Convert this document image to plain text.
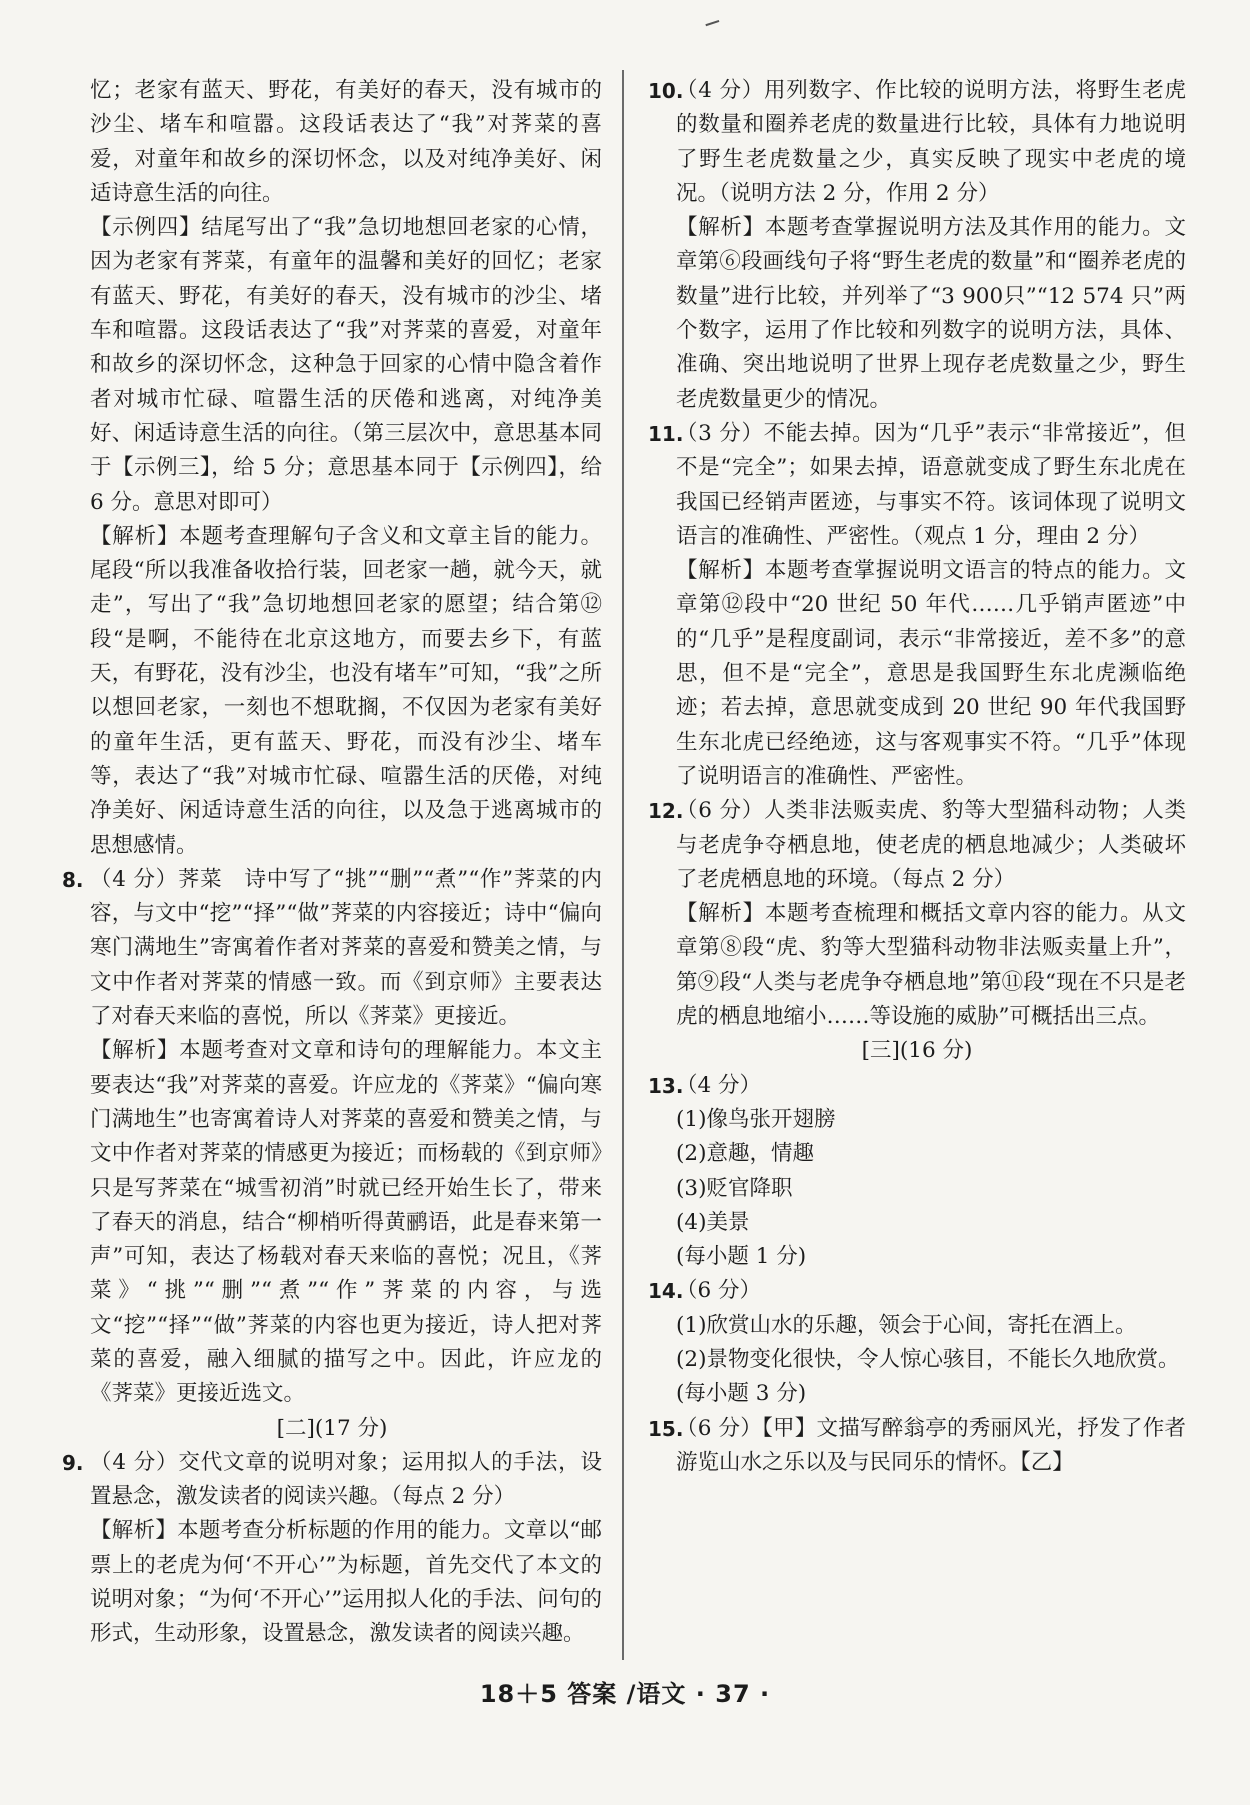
忆；老家有蓝天、野花，有美好的春天，没有城市的沙尘、堵车和喧嚣。这段话表达了“我”对荠菜的喜爱，对童年和故乡的深切怀念，以及对纯净美好、闲适诗意生活的向往。

【示例四】结尾写出了“我”急切地想回老家的心情，因为老家有荠菜，有童年的温馨和美好的回忆；老家有蓝天、野花，有美好的春天，没有城市的沙尘、堵车和喧嚣。这段话表达了“我”对荠菜的喜爱，对童年和故乡的深切怀念，这种急于回家的心情中隐含着作者对城市忙碌、喧嚣生活的厌倦和逃离，对纯净美好、闲适诗意生活的向往。（第三层次中，意思基本同于【示例三】，给 5 分；意思基本同于【示例四】，给 6 分。意思对即可）

【解析】本题考查理解句子含义和文章主旨的能力。尾段“所以我准备收拾行装，回老家一趟，就今天，就走”，写出了“我”急切地想回老家的愿望；结合第⑫段“是啊，不能待在北京这地方，而要去乡下，有蓝天，有野花，没有沙尘，也没有堵车”可知，“我”之所以想回老家，一刻也不想耽搁，不仅因为老家有美好的童年生活，更有蓝天、野花，而没有沙尘、堵车等，表达了“我”对城市忙碌、喧嚣生活的厌倦，对纯净美好、闲适诗意生活的向往，以及急于逃离城市的思想感情。

8. （4 分）荠菜　诗中写了“挑”“删”“煮”“作”荠菜的内容，与文中“挖”“择”“做”荠菜的内容接近；诗中“偏向寒门满地生”寄寓着作者对荠菜的喜爱和赞美之情，与文中作者对荠菜的情感一致。而《到京师》主要表达了对春天来临的喜悦，所以《荠菜》更接近。

【解析】本题考查对文章和诗句的理解能力。本文主要表达“我”对荠菜的喜爱。许应龙的《荠菜》“偏向寒门满地生”也寄寓着诗人对荠菜的喜爱和赞美之情，与文中作者对荠菜的情感更为接近；而杨载的《到京师》只是写荠菜在“城雪初消”时就已经开始生长了，带来了春天的消息，结合“柳梢听得黄鹂语，此是春来第一声”可知，表达了杨载对春天来临的喜悦；况且，《荠菜》“挑”“删”“煮”“作”荠菜的内容，与选文“挖”“择”“做”荠菜的内容也更为接近，诗人把对荠菜的喜爱，融入细腻的描写之中。因此，许应龙的《荠菜》更接近选文。

[二](17 分)

9. （4 分）交代文章的说明对象；运用拟人的手法，设置悬念，激发读者的阅读兴趣。（每点 2 分）

【解析】本题考查分析标题的作用的能力。文章以“邮票上的老虎为何‘不开心’”为标题，首先交代了本文的说明对象；“为何‘不开心’”运用拟人化的手法、问句的形式，生动形象，设置悬念，激发读者的阅读兴趣。

10.

（4 分）用列数字、作比较的说明方法，将野生老虎的数量和圈养老虎的数量进行比较，具体有力地说明了野生老虎数量之少，真实反映了现实中老虎的境况。（说明方法 2 分，作用 2 分）

【解析】本题考查掌握说明方法及其作用的能力。文章第⑥段画线句子将“野生老虎的数量”和“圈养老虎的数量”进行比较，并列举了“3 900只”“12 574 只”两个数字，运用了作比较和列数字的说明方法，具体、准确、突出地说明了世界上现存老虎数量之少，野生老虎数量更少的情况。

11.

（3 分）不能去掉。因为“几乎”表示“非常接近”，但不是“完全”；如果去掉，语意就变成了野生东北虎在我国已经销声匿迹，与事实不符。该词体现了说明文语言的准确性、严密性。（观点 1 分，理由 2 分）

【解析】本题考查掌握说明文语言的特点的能力。文章第⑫段中“20 世纪 50 年代……几乎销声匿迹”中的“几乎”是程度副词，表示“非常接近，差不多”的意思，但不是“完全”，意思是我国野生东北虎濒临绝迹；若去掉，意思就变成到 20 世纪 90 年代我国野生东北虎已经绝迹，这与客观事实不符。“几乎”体现了说明语言的准确性、严密性。

12.

（6 分）人类非法贩卖虎、豹等大型猫科动物；人类与老虎争夺栖息地，使老虎的栖息地减少；人类破坏了老虎栖息地的环境。（每点 2 分）

【解析】本题考查梳理和概括文章内容的能力。从文章第⑧段“虎、豹等大型猫科动物非法贩卖量上升”，第⑨段“人类与老虎争夺栖息地”第⑪段“现在不只是老虎的栖息地缩小……等设施的威胁”可概括出三点。

[三](16 分)

13.

（4 分）

(1)像鸟张开翅膀

(2)意趣，情趣

(3)贬官降职

(4)美景

(每小题 1 分)

14.

（6 分）

(1)欣赏山水的乐趣，领会于心间，寄托在酒上。

(2)景物变化很快，令人惊心骇目，不能长久地欣赏。

(每小题 3 分)

15.

（6 分）【甲】文描写醉翁亭的秀丽风光，抒发了作者游览山水之乐以及与民同乐的情怀。【乙】

18＋5 答案 /语文 · 37 ·
